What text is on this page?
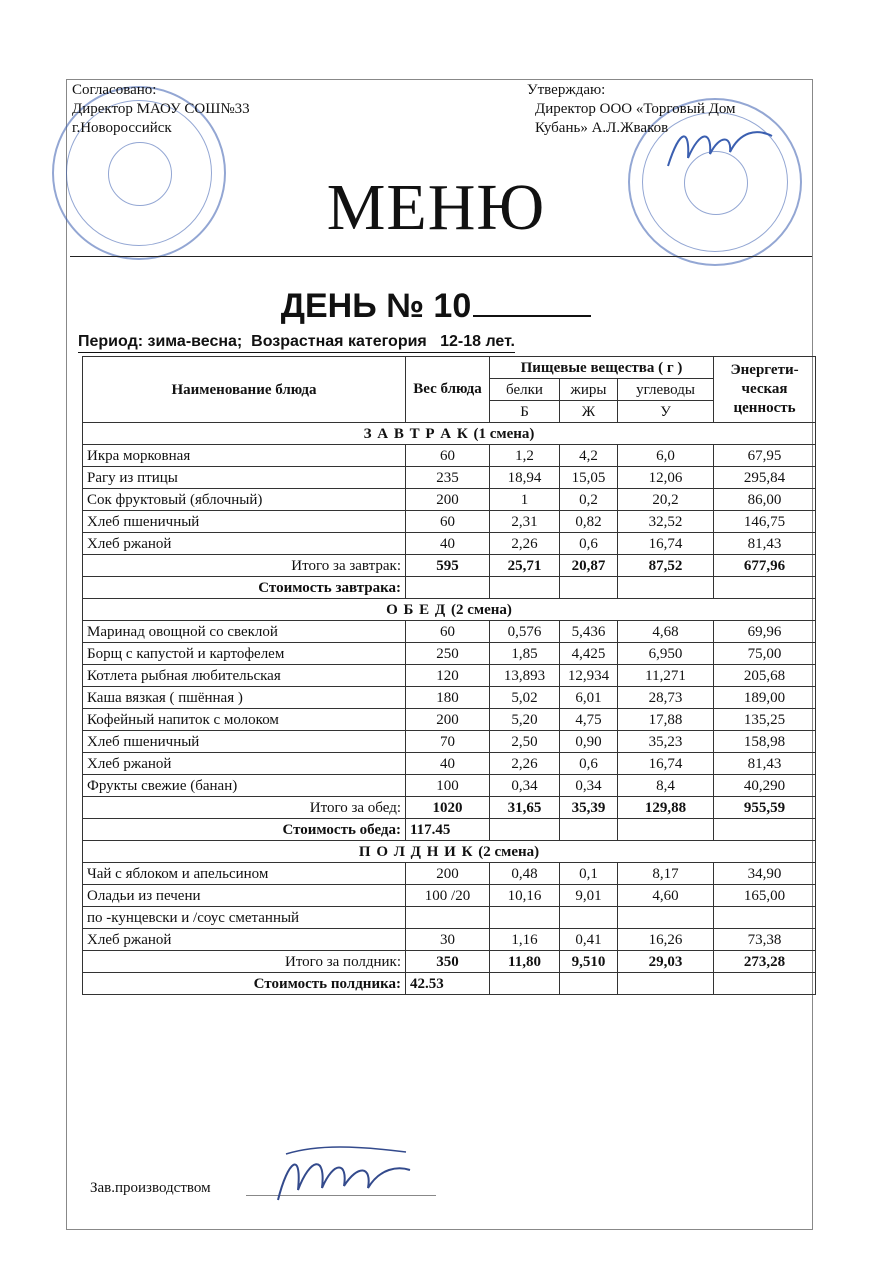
Согласовано:
Директор МАОУ СОШ№33
г.Новороссийск
Утверждаю:
Директор ООО «Торговый Дом
Кубань» А.Л.Жваков
МЕНЮ
ДЕНЬ № 10
Период: зима-весна;  Возрастная категория   12-18 лет.
Наименование блюда	Вес блюда	Пищевые вещества ( г )			Энергети-ческая ценность
		белки	жиры	углеводы	
		Б	Ж	У	
З А В Т Р А К (1 смена)					
Икра морковная	60	1,2	4,2	6,0	67,95
Рагу из птицы	235	18,94	15,05	12,06	295,84
Сок фруктовый (яблочный)	200	1	0,2	20,2	86,00
Хлеб пшеничный	60	2,31	0,82	32,52	146,75
Хлеб ржаной	40	2,26	0,6	16,74	81,43
Итого за завтрак:	595	25,71	20,87	87,52	677,96
Стоимость завтрака:					
О Б Е Д (2 смена)					
Маринад овощной со свеклой	60	0,576	5,436	4,68	69,96
Борщ с капустой и картофелем	250	1,85	4,425	6,950	75,00
Котлета рыбная любительская	120	13,893	12,934	11,271	205,68
Каша вязкая ( пшённая )	180	5,02	6,01	28,73	189,00
Кофейный напиток с молоком	200	5,20	4,75	17,88	135,25
Хлеб пшеничный	70	2,50	0,90	35,23	158,98
Хлеб ржаной	40	2,26	0,6	16,74	81,43
Фрукты свежие (банан)	100	0,34	0,34	8,4	40,290
Итого за обед:	1020	31,65	35,39	129,88	955,59
Стоимость обеда:	117.45				
П О Л Д Н И К (2 смена)					
Чай с яблоком и апельсином	200	0,48	0,1	8,17	34,90
Оладьи из печени	100 /20	10,16	9,01	4,60	165,00
по -кунцевски и /соус сметанный					
Хлеб ржаной	30	1,16	0,41	16,26	73,38
Итого за полдник:	350	11,80	9,510	29,03	273,28
Стоимость полдника:	42.53				
Зав.производством
